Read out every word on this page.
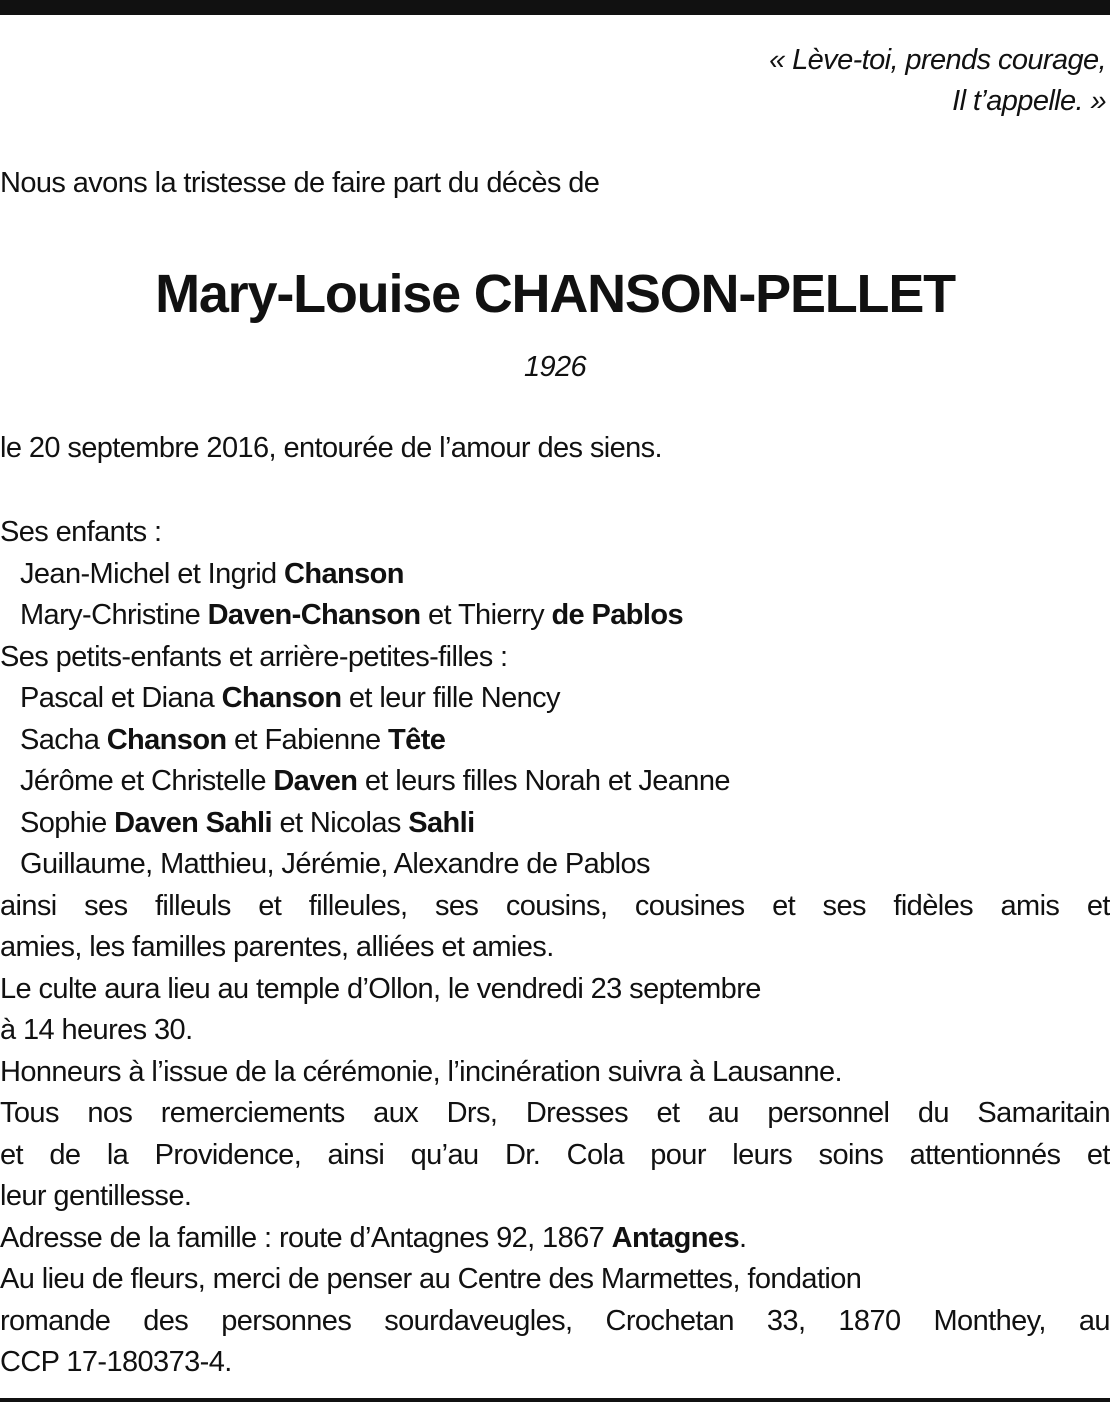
« Lève-toi, prends courage,
Il t’appelle. »
Nous avons la tristesse de faire part du décès de
Mary-Louise CHANSON-PELLET
1926
le 20 septembre 2016, entourée de l’amour des siens.
Ses enfants :
Jean-Michel et Ingrid Chanson
Mary-Christine Daven-Chanson et Thierry de Pablos
Ses petits-enfants et arrière-petites-filles :
Pascal et Diana Chanson et leur fille Nency
Sacha Chanson et Fabienne Tête
Jérôme et Christelle Daven et leurs filles Norah et Jeanne
Sophie Daven Sahli et Nicolas Sahli
Guillaume, Matthieu, Jérémie, Alexandre de Pablos
ainsi ses filleuls et filleules, ses cousins, cousines et ses fidèles amis et
amies, les familles parentes, alliées et amies.
Le culte aura lieu au temple d’Ollon, le vendredi 23 septembre
à 14 heures 30.
Honneurs à l’issue de la cérémonie, l’incinération suivra à Lausanne.
Tous nos remerciements aux Drs, Dresses et au personnel du Samaritain
et de la Providence, ainsi qu’au Dr. Cola pour leurs soins attentionnés et
leur gentillesse.
Adresse de la famille : route d’Antagnes 92, 1867 Antagnes.
Au lieu de fleurs, merci de penser au Centre des Marmettes, fondation
romande des personnes sourdaveugles, Crochetan 33, 1870 Monthey, au
CCP 17-180373-4.
